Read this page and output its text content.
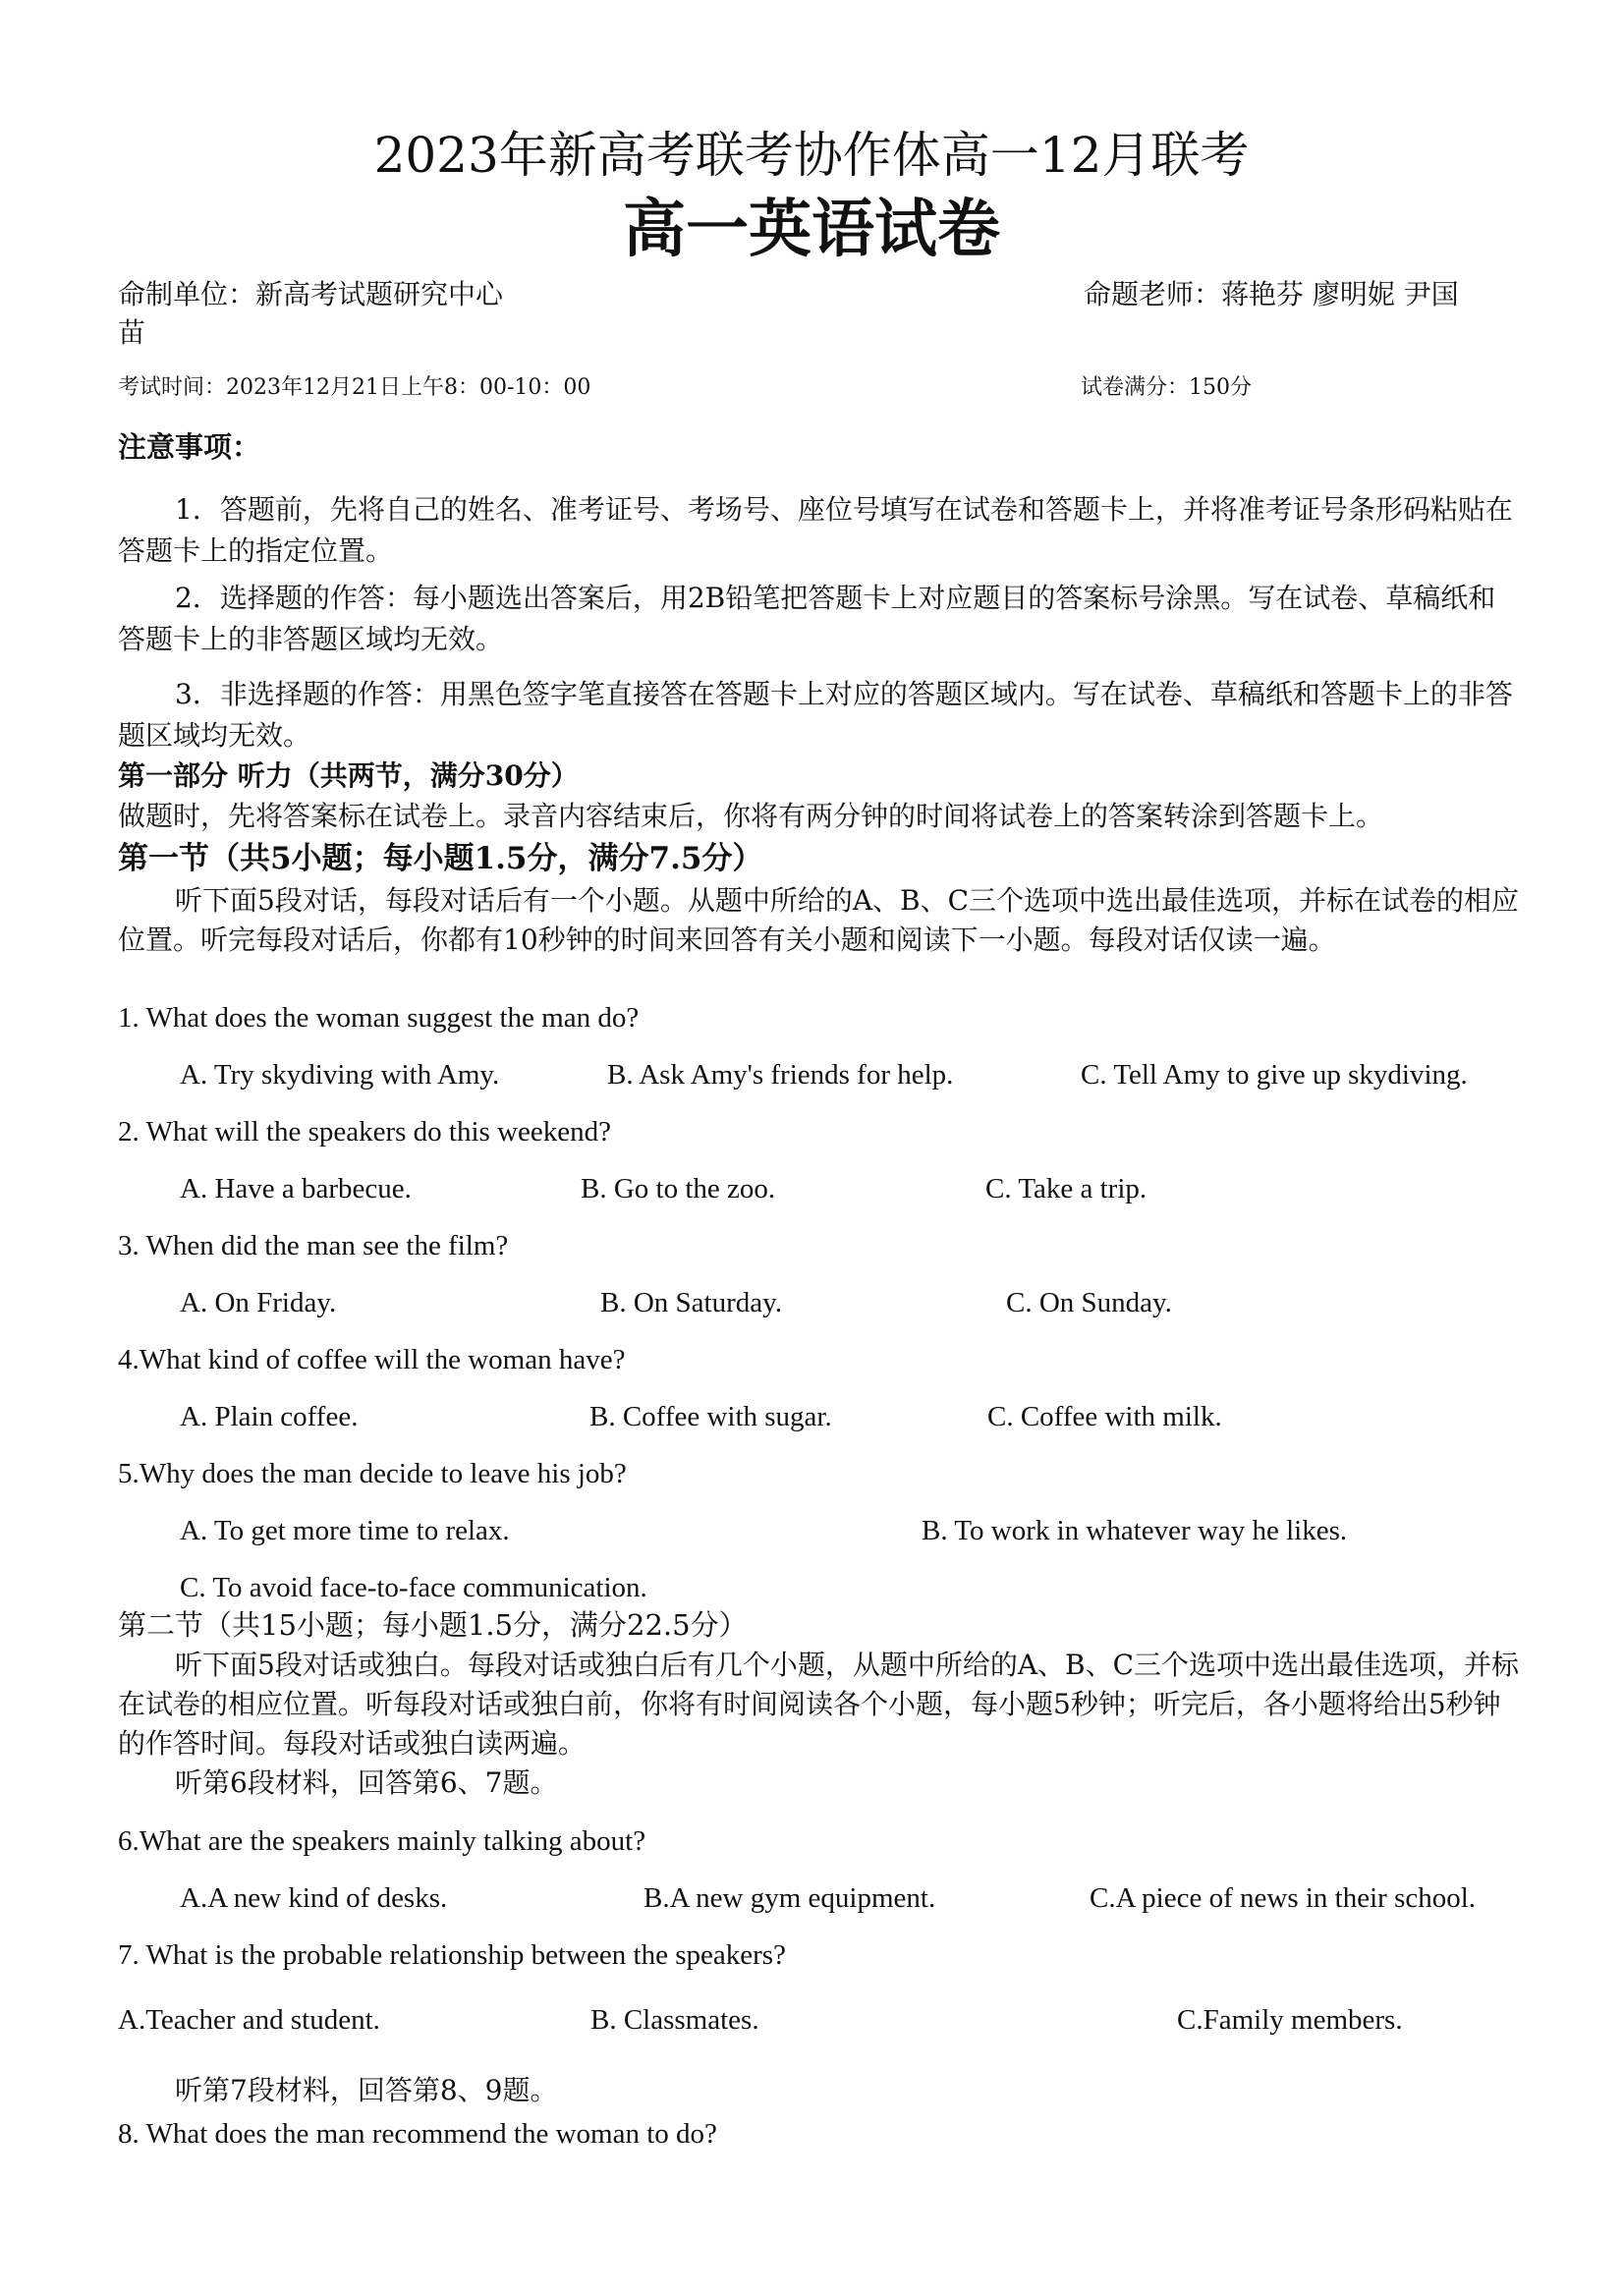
2023年新高考联考协作体高一12月联考
高一英语试卷
命制单位：新高考试题研究中心	命题老师：蒋艳芬 廖明妮 尹国
苗
考试时间：2023年12月21日上午8：00-10：00	试卷满分：150分
注意事项：
1．答题前，先将自己的姓名、准考证号、考场号、座位号填写在试卷和答题卡上，并将准考证号条形码粘贴在答题卡上的指定位置。
2．选择题的作答：每小题选出答案后，用2B铅笔把答题卡上对应题目的答案标号涂黑。写在试卷、草稿纸和答题卡上的非答题区域均无效。
3．非选择题的作答：用黑色签字笔直接答在答题卡上对应的答题区域内。写在试卷、草稿纸和答题卡上的非答题区域均无效。
第一部分 听力（共两节，满分30分）
做题时，先将答案标在试卷上。录音内容结束后，你将有两分钟的时间将试卷上的答案转涂到答题卡上。
第一节（共5小题；每小题1.5分，满分7.5分）
听下面5段对话，每段对话后有一个小题。从题中所给的A、B、C三个选项中选出最佳选项，并标在试卷的相应位置。听完每段对话后，你都有10秒钟的时间来回答有关小题和阅读下一小题。每段对话仅读一遍。
1. What does the woman suggest the man do?
A. Try skydiving with Amy.	B. Ask Amy's friends for help.	C. Tell Amy to give up skydiving.
2. What will the speakers do this weekend?
A. Have a barbecue.	B. Go to the zoo.	C. Take a trip.
3. When did the man see the film?
A. On Friday.	B. On Saturday.	C. On Sunday.
4.What kind of coffee will the woman have?
A. Plain coffee.	B. Coffee with sugar.	C. Coffee with milk.
5.Why does the man decide to leave his job?
A. To get more time to relax.	B. To work in whatever way he likes.
C. To avoid face-to-face communication.
第二节（共15小题；每小题1.5分，满分22.5分）
听下面5段对话或独白。每段对话或独白后有几个小题，从题中所给的A、B、C三个选项中选出最佳选项，并标在试卷的相应位置。听每段对话或独白前，你将有时间阅读各个小题，每小题5秒钟；听完后，各小题将给出5秒钟的作答时间。每段对话或独白读两遍。
听第6段材料，回答第6、7题。
6.What are the speakers mainly talking about?
A.A new kind of desks.	B.A new gym equipment.	C.A piece of news in their school.
7. What is the probable relationship between the speakers?
A.Teacher and student.	B. Classmates.	C.Family members.
听第7段材料，回答第8、9题。
8. What does the man recommend the woman to do?
